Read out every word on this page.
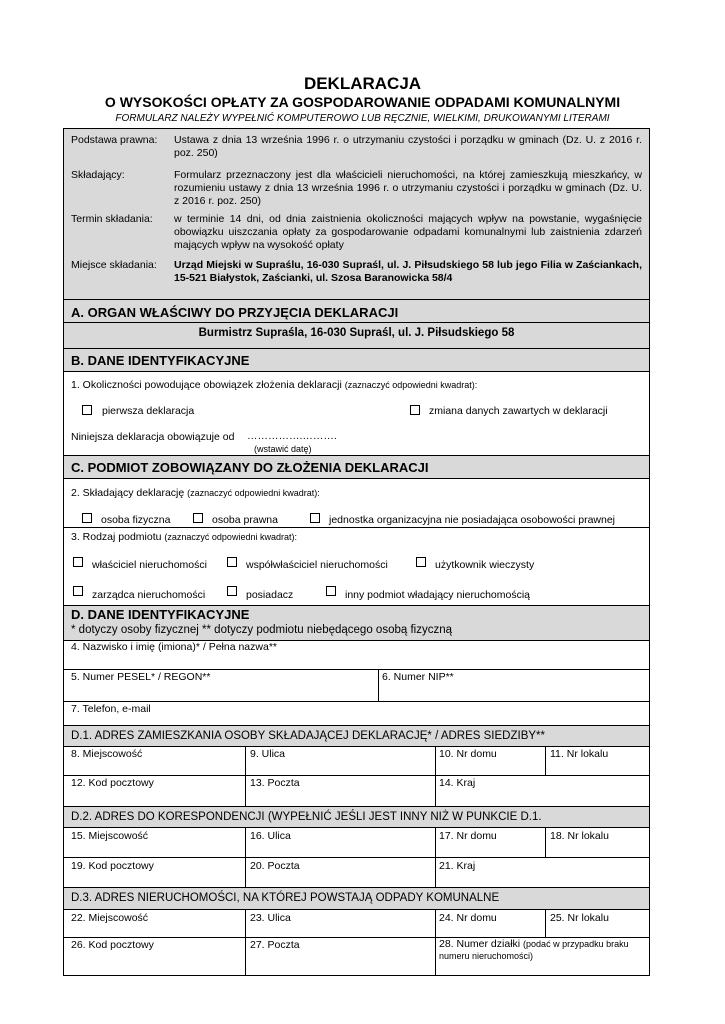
DEKLARACJA
O WYSOKOŚCI OPŁATY ZA GOSPODAROWANIE ODPADAMI KOMUNALNYMI
FORMULARZ NALEŻY WYPEŁNIĆ KOMPUTEROWO LUB RĘCZNIE, WIELKIMI, DRUKOWANYMI LITERAMI
Podstawa prawna: Ustawa z dnia 13 września 1996 r. o utrzymaniu czystości i porządku w gminach (Dz. U. z 2016 r. poz. 250)
Składający:	Formularz przeznaczony jest dla właścicieli nieruchomości, na której zamieszkują mieszkańcy, w rozumieniu ustawy z dnia 13 września 1996 r. o utrzymaniu czystości i porządku w gminach (Dz. U. z 2016 r. poz. 250)
Termin składania: w terminie 14 dni, od dnia zaistnienia okoliczności mających wpływ na powstanie, wygaśnięcie obowiązku uiszczania opłaty za gospodarowanie odpadami komunalnymi lub zaistnienia zdarzeń mających wpływ na wysokość opłaty
Miejsce składania: Urząd Miejski w Supraślu, 16-030 Supraśl, ul. J. Piłsudskiego 58 lub jego Filia w Zaściankach, 15-521 Białystok, Zaścianki, ul. Szosa Baranowicka 58/4
A. ORGAN WŁAŚCIWY DO PRZYJĘCIA DEKLARACJI
Burmistrz Supraśla, 16-030 Supraśl, ul. J. Piłsudskiego 58
B. DANE IDENTYFIKACYJNE
1. Okoliczności powodujące obowiązek złożenia deklaracji (zaznaczyć odpowiedni kwadrat):
pierwsza deklaracja	zmiana danych zawartych w deklaracji
Niniejsza deklaracja obowiązuje od …………….……….
(wstawić datę)
C. PODMIOT ZOBOWIĄZANY DO ZŁOŻENIA DEKLARACJI
2. Składający deklarację (zaznaczyć odpowiedni kwadrat):
osoba fizyczna	osoba prawna	jednostka organizacyjna nie posiadająca osobowości prawnej
3. Rodzaj podmiotu (zaznaczyć odpowiedni kwadrat):
właściciel nieruchomości	współwłaściciel nieruchomości	użytkownik wieczysty
zarządca nieruchomości	posiadacz	inny podmiot władający nieruchomością
D. DANE IDENTYFIKACYJNE
* dotyczy osoby fizycznej ** dotyczy podmiotu niebędącego osobą fizyczną
4. Nazwisko i imię (imiona)* / Pełna nazwa**
5. Numer PESEL* / REGON**	6. Numer NIP**
7. Telefon, e-mail
D.1. ADRES ZAMIESZKANIA OSOBY SKŁADAJĄCEJ DEKLARACJĘ* / ADRES SIEDZIBY**
8. Miejscowość	9. Ulica	10. Nr domu	11. Nr lokalu
12. Kod pocztowy	13. Poczta	14. Kraj
D.2. ADRES DO KORESPONDENCJI (WYPEŁNIĆ JEŚLI JEST INNY NIŻ W PUNKCIE D.1.
15. Miejscowość	16. Ulica	17. Nr domu	18. Nr lokalu
19. Kod pocztowy	20. Poczta	21. Kraj
D.3. ADRES NIERUCHOMOŚCI, NA KTÓREJ POWSTAJĄ ODPADY KOMUNALNE
22. Miejscowość	23. Ulica	24. Nr domu	25. Nr lokalu
26. Kod pocztowy	27. Poczta	28. Numer działki (podać w przypadku braku numeru nieruchomości)
